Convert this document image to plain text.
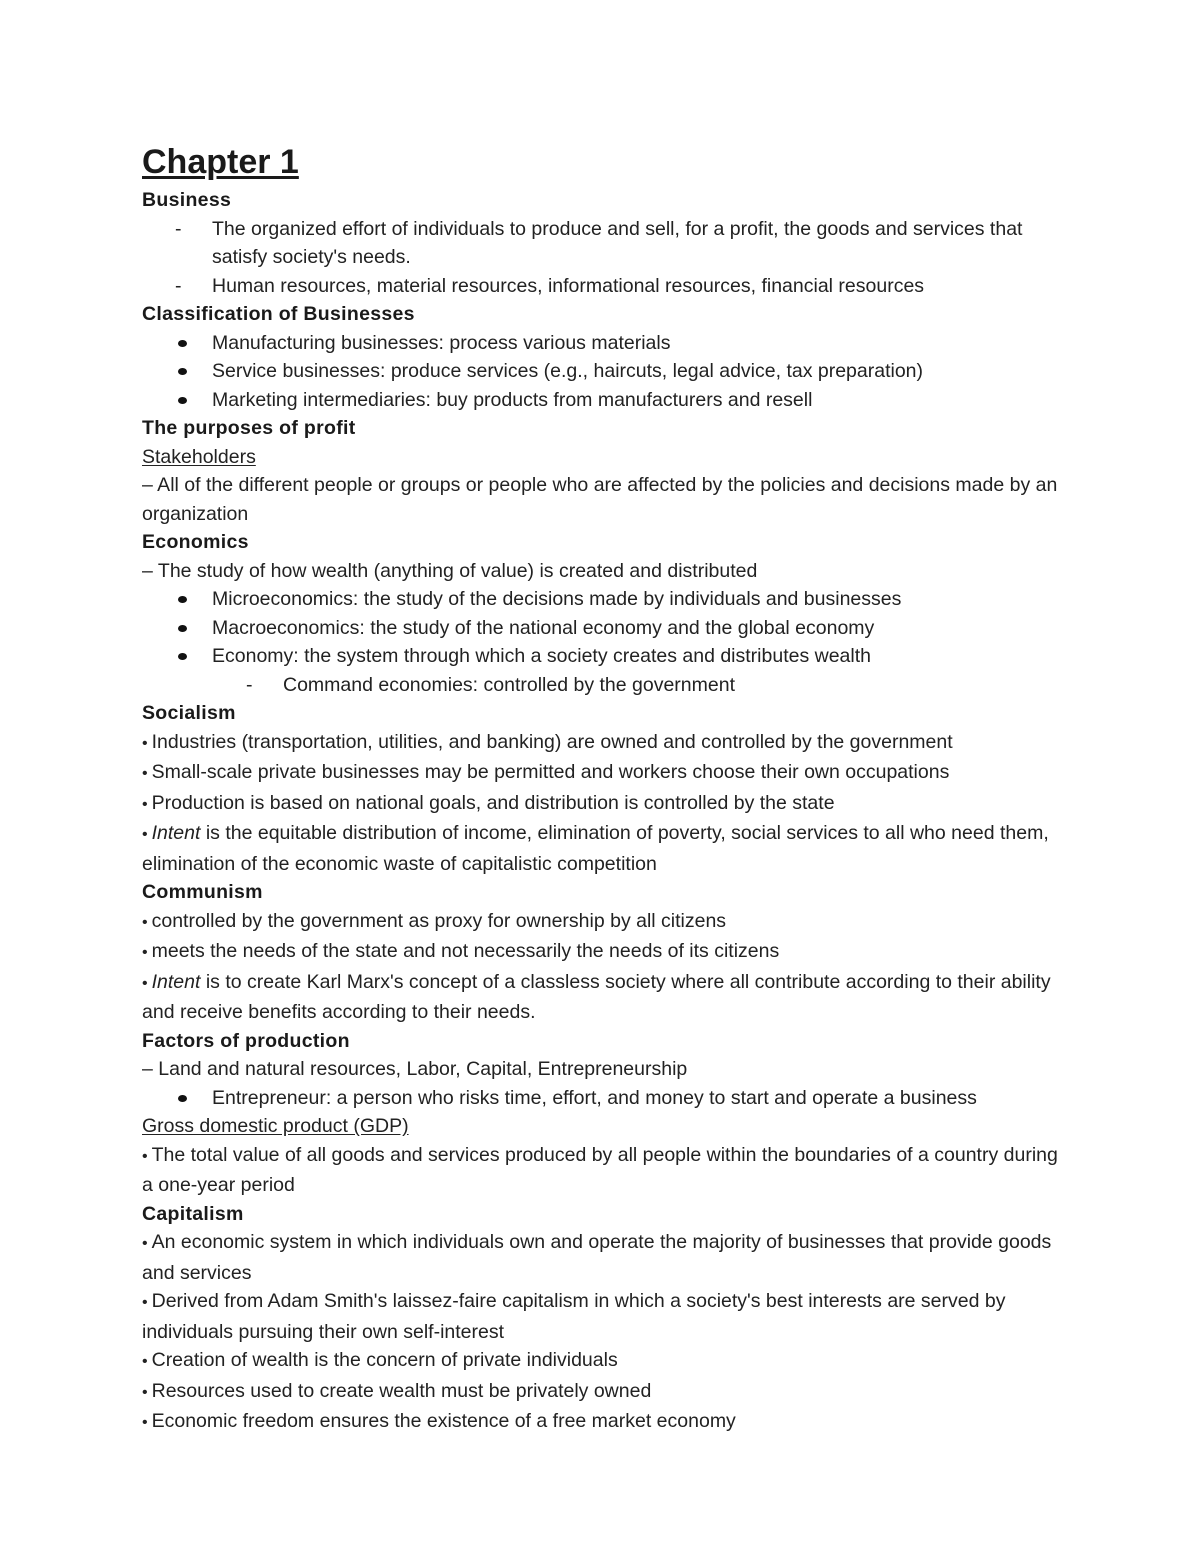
Chapter 1
Business
- The organized effort of individuals to produce and sell, for a profit, the goods and services that satisfy society's needs.
- Human resources, material resources, informational resources, financial resources
Classification of Businesses
Manufacturing businesses: process various materials
Service businesses: produce services (e.g., haircuts, legal advice, tax preparation)
Marketing intermediaries: buy products from manufacturers and resell
The purposes of profit
Stakeholders
– All of the different people or groups or people who are affected by the policies and decisions made by an organization
Economics
– The study of how wealth (anything of value) is created and distributed
Microeconomics: the study of the decisions made by individuals and businesses
Macroeconomics: the study of the national economy and the global economy
Economy: the system through which a society creates and distributes wealth
- Command economies: controlled by the government
Socialism
• Industries (transportation, utilities, and banking) are owned and controlled by the government
• Small-scale private businesses may be permitted and workers choose their own occupations
• Production is based on national goals, and distribution is controlled by the state
• Intent is the equitable distribution of income, elimination of poverty, social services to all who need them, elimination of the economic waste of capitalistic competition
Communism
• controlled by the government as proxy for ownership by all citizens
• meets the needs of the state and not necessarily the needs of its citizens
• Intent is to create Karl Marx's concept of a classless society where all contribute according to their ability and receive benefits according to their needs.
Factors of production
– Land and natural resources, Labor, Capital, Entrepreneurship
Entrepreneur: a person who risks time, effort, and money to start and operate a business
Gross domestic product (GDP)
• The total value of all goods and services produced by all people within the boundaries of a country during a one-year period
Capitalism
• An economic system in which individuals own and operate the majority of businesses that provide goods and services
• Derived from Adam Smith's laissez-faire capitalism in which a society's best interests are served by individuals pursuing their own self-interest
• Creation of wealth is the concern of private individuals
• Resources used to create wealth must be privately owned
• Economic freedom ensures the existence of a free market economy
